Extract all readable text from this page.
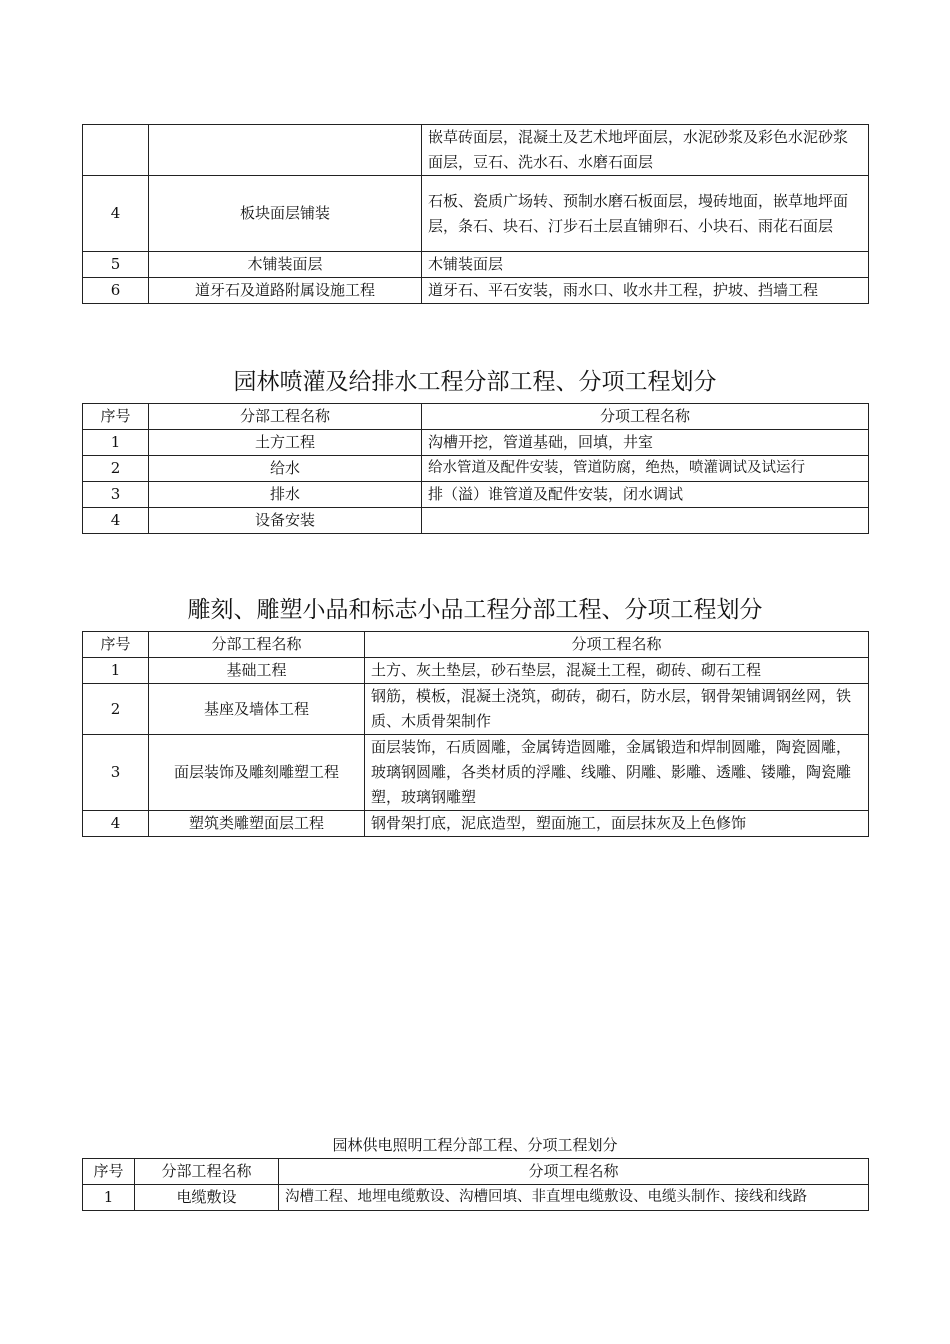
		嵌草砖面层，混凝土及艺术地坪面层，水泥砂浆及彩色水泥砂浆面层，豆石、洗水石、水磨石面层
4	板块面层铺装	石板、瓷质广场转、预制水磨石板面层，墁砖地面，嵌草地坪面层，条石、块石、汀步石土层直铺卵石、小块石、雨花石面层
5	木铺装面层	木铺装面层
6	道牙石及道路附属设施工程	道牙石、平石安装，雨水口、收水井工程，护坡、挡墙工程
园林喷灌及给排水工程分部工程、分项工程划分
序号	分部工程名称	分项工程名称
1	土方工程	沟槽开挖，管道基础，回填，井室
2	给水	给水管道及配件安装，管道防腐，绝热，喷灌调试及试运行
3	排水	排（溢）谁管道及配件安装，闭水调试
4	设备安装	
雕刻、雕塑小品和标志小品工程分部工程、分项工程划分
序号	分部工程名称	分项工程名称
1	基础工程	土方、灰土垫层，砂石垫层，混凝土工程，砌砖、砌石工程
2	基座及墙体工程	钢筋，模板，混凝土浇筑，砌砖，砌石，防水层，钢骨架铺调钢丝网，铁质、木质骨架制作
3	面层装饰及雕刻雕塑工程	面层装饰，石质圆雕，金属铸造圆雕，金属锻造和焊制圆雕，陶瓷圆雕，玻璃钢圆雕，各类材质的浮雕、线雕、阴雕、影雕、透雕、镂雕，陶瓷雕塑，玻璃钢雕塑
4	塑筑类雕塑面层工程	钢骨架打底，泥底造型，塑面施工，面层抹灰及上色修饰
园林供电照明工程分部工程、分项工程划分
序号	分部工程名称	分项工程名称
1	电缆敷设	沟槽工程、地埋电缆敷设、沟槽回填、非直埋电缆敷设、电缆头制作、接线和线路
